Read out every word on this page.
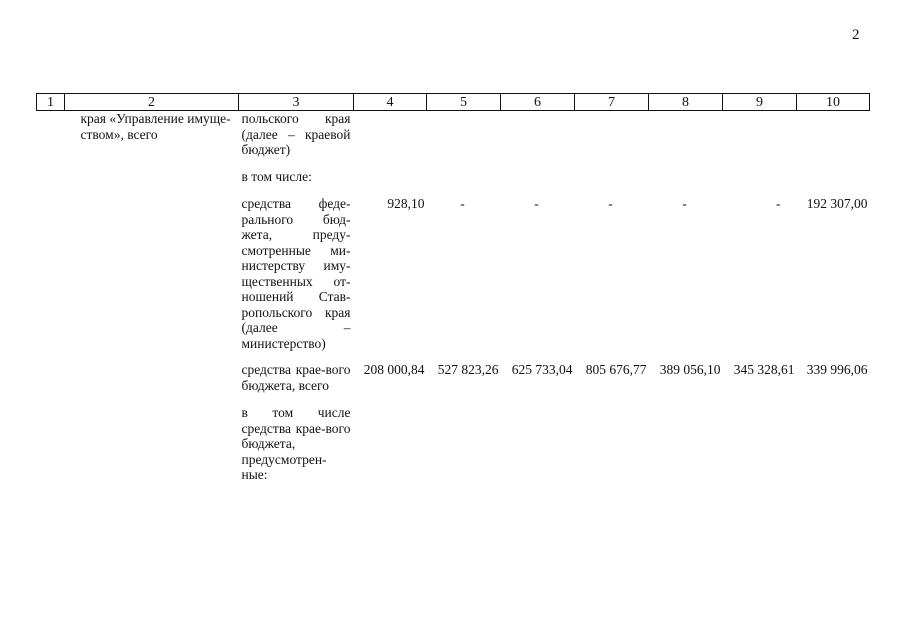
2
1	2	3	4	5	6	7	8	9	10
	края «Управление имуще-ством», всего	польского края (далее – краевой бюджет)							
		в том числе:							
		средства феде-рального бюд-жета, преду-смотренные ми-нистерству иму-щественных от-ношений Став-ропольского края (далее – министерство)	928,10	-	-	-	-	-	192 307,00
		средства крае-вого бюджета, всего	208 000,84	527 823,26	625 733,04	805 676,77	389 056,10	345 328,61	339 996,06
		в том числе средства крае-вого бюджета, предусмотрен-ные:							
